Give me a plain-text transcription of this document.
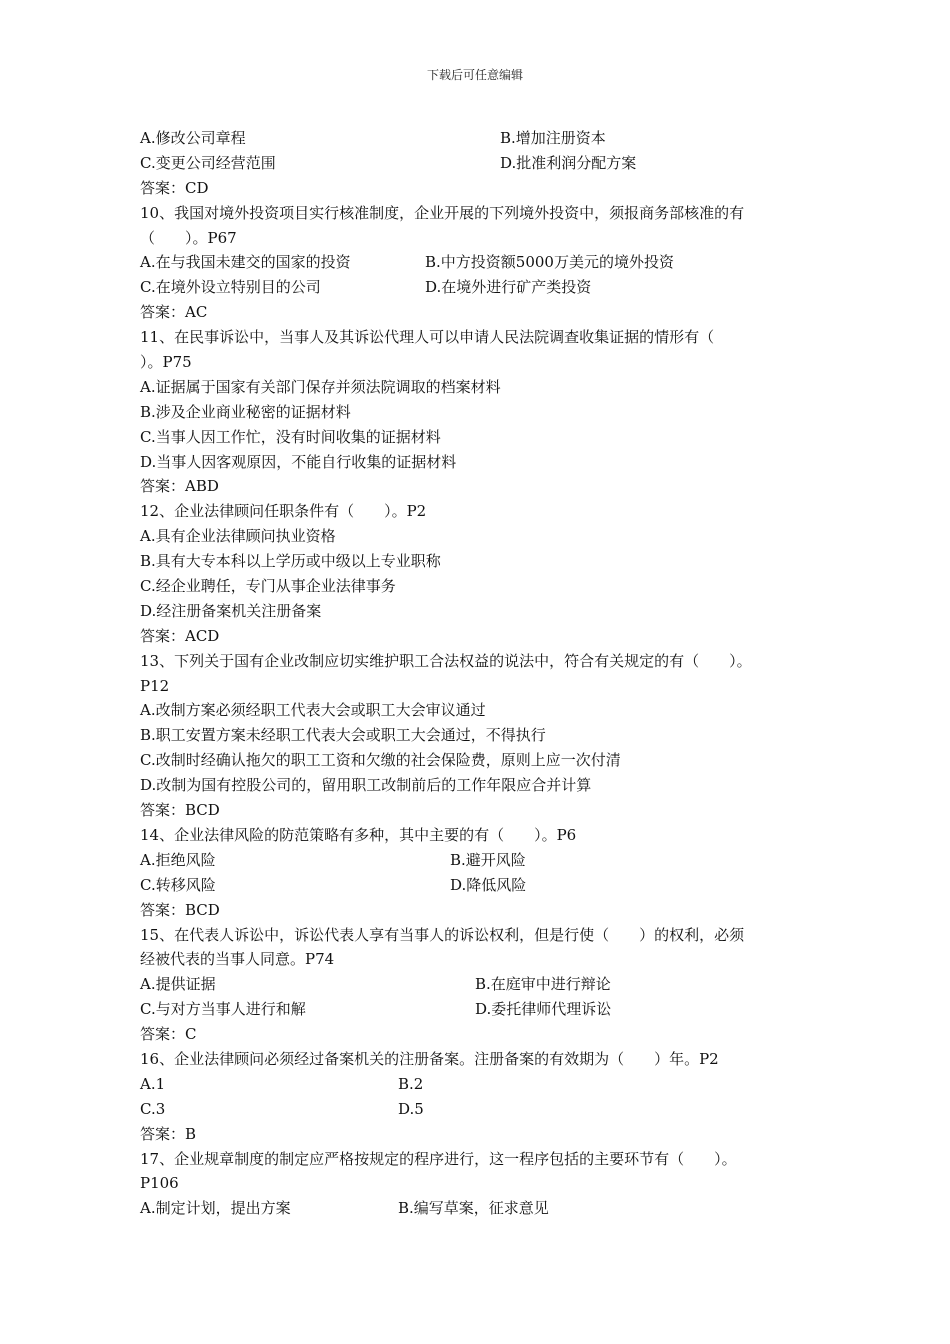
下载后可任意编辑
A.修改公司章程	B.增加注册资本
C.变更公司经营范围	D.批准利润分配方案
答案：CD
10、我国对境外投资项目实行核准制度，企业开展的下列境外投资中，须报商务部核准的有
（　　）。P67
A.在与我国未建交的国家的投资	B.中方投资额5000万美元的境外投资
C.在境外设立特别目的公司	D.在境外进行矿产类投资
答案：AC
11、在民事诉讼中，当事人及其诉讼代理人可以申请人民法院调查收集证据的情形有（
）。P75
A.证据属于国家有关部门保存并须法院调取的档案材料
B.涉及企业商业秘密的证据材料
C.当事人因工作忙，没有时间收集的证据材料
D.当事人因客观原因，不能自行收集的证据材料
答案：ABD
12、企业法律顾问任职条件有（　　）。P2
A.具有企业法律顾问执业资格
B.具有大专本科以上学历或中级以上专业职称
C.经企业聘任，专门从事企业法律事务
D.经注册备案机关注册备案
答案：ACD
13、下列关于国有企业改制应切实维护职工合法权益的说法中，符合有关规定的有（　　）。
P12
A.改制方案必须经职工代表大会或职工大会审议通过
B.职工安置方案未经职工代表大会或职工大会通过，不得执行
C.改制时经确认拖欠的职工工资和欠缴的社会保险费，原则上应一次付清
D.改制为国有控股公司的，留用职工改制前后的工作年限应合并计算
答案：BCD
14、企业法律风险的防范策略有多种，其中主要的有（　　）。P6
A.拒绝风险	B.避开风险
C.转移风险	D.降低风险
答案：BCD
15、在代表人诉讼中，诉讼代表人享有当事人的诉讼权利，但是行使（　　）的权利，必须
经被代表的当事人同意。P74
A.提供证据	B.在庭审中进行辩论
C.与对方当事人进行和解	D.委托律师代理诉讼
答案：C
16、企业法律顾问必须经过备案机关的注册备案。注册备案的有效期为（　　）年。P2
A.1	B.2
C.3	D.5
答案：B
17、企业规章制度的制定应严格按规定的程序进行，这一程序包括的主要环节有（　　）。
P106
A.制定计划，提出方案	B.编写草案，征求意见
